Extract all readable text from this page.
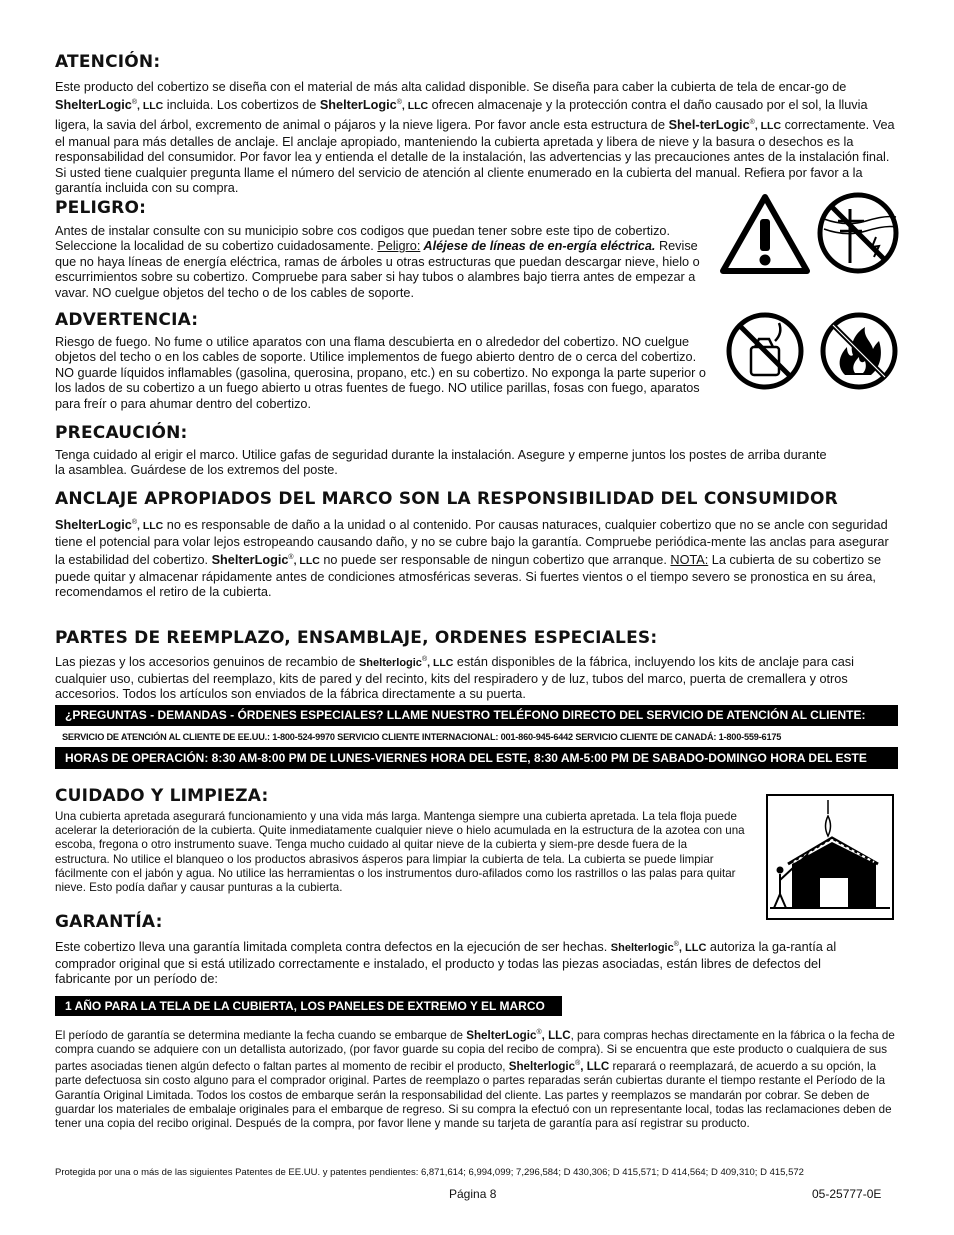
ATENCIÓN:

Este producto del cobertizo se diseña con el material de más alta calidad disponible. Se diseña para caber la cubierta de tela de encar-go de ShelterLogic®, LLC incluida. Los cobertizos de ShelterLogic®, LLC ofrecen almacenaje y la protección contra el daño causado por el sol, la lluvia ligera, la savia del árbol, excremento de animal o pájaros y la nieve ligera. Por favor ancle esta estructura de Shel-terLogic®, LLC correctamente. Vea el manual para más detalles de anclaje. El anclaje apropiado, manteniendo la cubierta apretada y libera de nieve y la basura o desechos es la responsabilidad del consumidor. Por favor lea y entienda el detalle de la instalación, las advertencias y las precauciones antes de la instalación final. Si usted tiene cualquier pregunta llame el número del servicio de atención al cliente enumerado en la cubierta del manual. Refiera por favor a la garantía incluida con su compra.

PELIGRO:

Antes de instalar consulte con su municipio sobre cos codigos que puedan tener sobre este tipo de cobertizo. Seleccione la localidad de su cobertizo cuidadosamente. Peligro: Aléjese de líneas de en-ergía eléctrica. Revise que no haya líneas de energía eléctrica, ramas de árboles u otras estructuras que puedan descargar nieve, hielo o escurrimientos sobre su cobertizo. Compruebe para saber si hay tubos o alambres bajo tierra antes de empezar a vavar. NO cuelgue objetos del techo o de los cables de soporte.

ADVERTENCIA:

Riesgo de fuego. No fume o utilice aparatos con una flama descubierta en o alrededor del cobertizo. NO cuelgue objetos del techo o en los cables de soporte. Utilice implementos de fuego abierto dentro de o cerca del cobertizo. NO guarde líquidos inflamables (gasolina, querosina, propano, etc.) en su cobertizo. No exponga la parte superior o los lados de su cobertizo a un fuego abierto u otras fuentes de fuego. NO utilice parillas, fosas con fuego, aparatos para freír o para ahumar dentro del cobertizo.

PRECAUCIÓN:

Tenga cuidado al erigir el marco. Utilice gafas de seguridad durante la instalación. Asegure y emperne juntos los postes de arriba durante la asamblea. Guárdese de los extremos del poste.

ANCLAJE APROPIADOS DEL MARCO SON LA RESPONSIBILIDAD DEL CONSUMIDOR

ShelterLogic®, LLC no es responsable de daño a la unidad o al contenido. Por causas naturaces, cualquier cobertizo que no se ancle con seguridad tiene el potencial para volar lejos estropeando causando daño, y no se cubre bajo la garantía. Compruebe periódica-mente las anclas para asegurar la estabilidad del cobertizo. ShelterLogic®, LLC no puede ser responsable de ningun cobertizo que arranque. NOTA: La cubierta de su cobertizo se puede quitar y almacenar rápidamente antes de condiciones atmosféricas severas. Si fuertes vientos o el tiempo severo se pronostica en su área, recomendamos el retiro de la cubierta.

PARTES DE REEMPLAZO, ENSAMBLAJE, ORDENES ESPECIALES:

Las piezas y los accesorios genuinos de recambio de Shelterlogic®, LLC están disponibles de la fábrica, incluyendo los kits de anclaje para casi cualquier uso, cubiertas del reemplazo, kits de pared y del recinto, kits del respiradero y de luz, tubos del marco, puerta de cremallera y otros accesorios. Todos los artículos son enviados de la fábrica directamente a su puerta.

¿PREGUNTAS - DEMANDAS - ÓRDENES ESPECIALES? LLAME NUESTRO TELÉFONO DIRECTO DEL SERVICIO DE ATENCIÓN AL CLIENTE:
SERVICIO DE ATENCIÓN AL CLIENTE DE EE.UU.: 1-800-524-9970 SERVICIO CLIENTE INTERNACIONAL: 001-860-945-6442 SERVICIO CLIENTE DE CANADÁ: 1-800-559-6175
HORAS DE OPERACIÓN: 8:30 AM-8:00 PM DE LUNES-VIERNES HORA DEL ESTE, 8:30 AM-5:00 PM DE SABADO-DOMINGO HORA DEL ESTE
CUIDADO Y LIMPIEZA:

Una cubierta apretada asegurará funcionamiento y una vida más larga. Mantenga siempre una cubierta apretada. La tela floja puede acelerar la deterioración de la cubierta. Quite inmediatamente cualquier nieve o hielo acumulada en la estructura de la azotea con una escoba, fregona o otro instrumento suave. Tenga mucho cuidado al quitar nieve de la cubierta y siem-pre desde fuera de la estructura. No utilice el blanqueo o los productos abrasivos ásperos para limpiar la cubierta de tela. La cubierta se puede limpiar fácilmente con el jabón y agua. No utilice las herramientas o los instrumentos duro-afilados como los rastrillos o las palas para quitar nieve. Esto podía dañar y causar punturas a la cubierta.

GARANTÍA:

Este cobertizo lleva una garantía limitada completa contra defectos en la ejecución de ser hechas. Shelterlogic®, LLC autoriza la ga-rantía al comprador original que si está utilizado correctamente e instalado, el producto y todas las piezas asociadas, están libres de defectos del fabricante por un período de:

1 AÑO PARA LA TELA DE LA CUBIERTA, LOS PANELES DE EXTREMO Y EL MARCO

El período de garantía se determina mediante la fecha cuando se embarque de ShelterLogic®, LLC, para compras hechas directamente en la fábrica o la fecha de compra cuando se adquiere con un detallista autorizado, (por favor guarde su copia del recibo de compra). Si se encuentra que este producto o cualquiera de sus partes asociadas tienen algún defecto o faltan partes al momento de recibir el producto, Shelterlogic®, LLC reparará o reemplazará, de acuerdo a su opción, la parte defectuosa sin costo alguno para el comprador original. Partes de reemplazo o partes reparadas serán cubiertas durante el tiempo restante el Período de la Garantía Original Limitada. Todos los costos de embarque serán la responsabilidad del cliente. Las partes y reemplazos se mandarán por cobrar. Se deben de guardar los materiales de embalaje originales para el embarque de regreso. Si su compra la efectuó con un representante local, todas las reclamaciones deben de tener una copia del recibo original. Después de la compra, por favor llene y mande su tarjeta de garantía para así registrar su producto.

Protegida por una o más de las siguientes Patentes de EE.UU. y patentes pendientes: 6,871,614; 6,994,099; 7,296,584; D 430,306; D 415,571; D 414,564; D 409,310; D 415,572
Página 8	05-25777-0E
